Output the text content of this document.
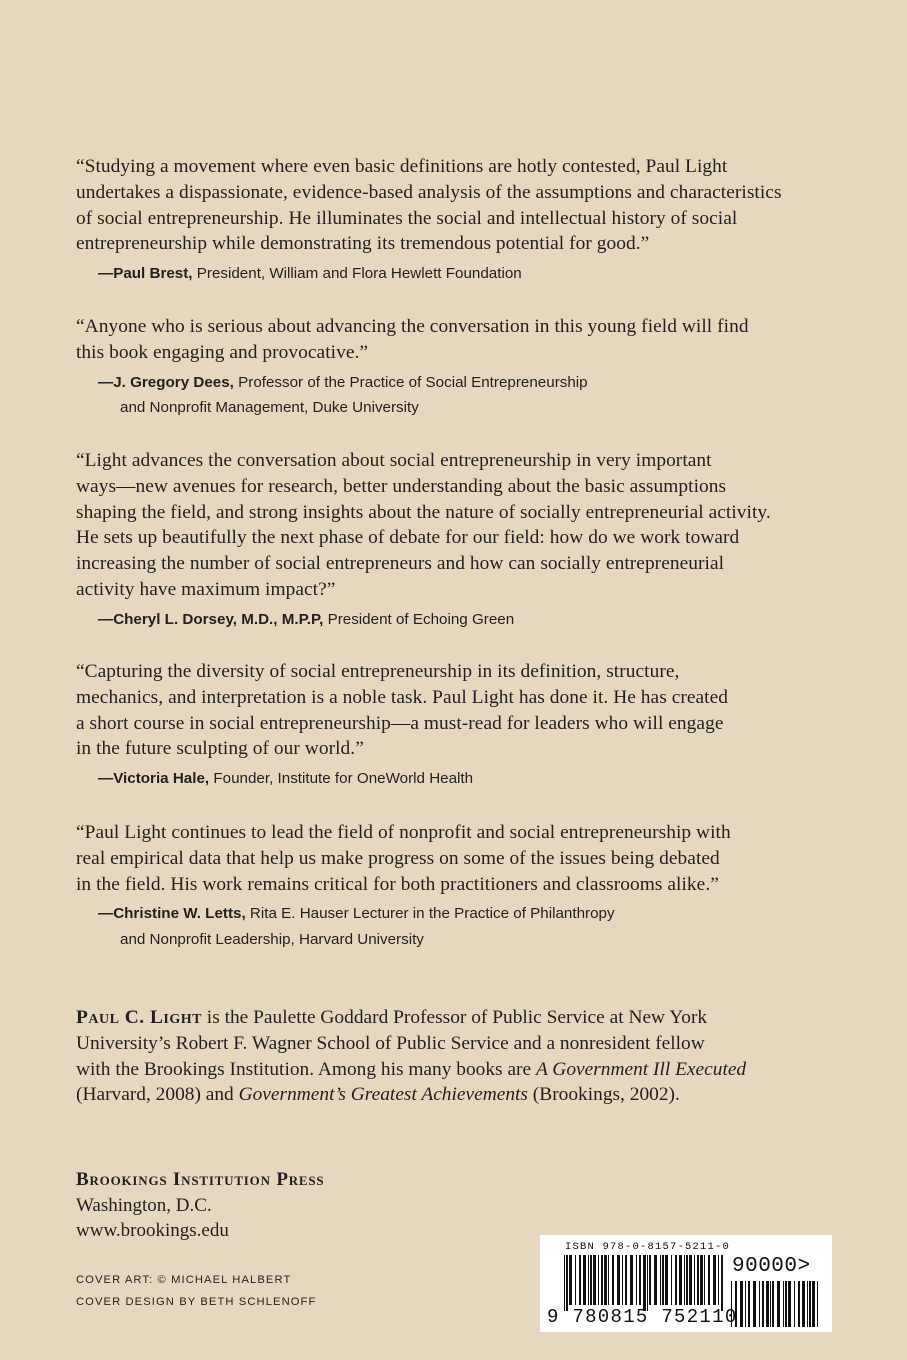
“Studying a movement where even basic definitions are hotly contested, Paul Light
undertakes a dispassionate, evidence-based analysis of the assumptions and characteristics
of social entrepreneurship. He illuminates the social and intellectual history of social
entrepreneurship while demonstrating its tremendous potential for good.”

—Paul Brest, President, William and Flora Hewlett Foundation

“Anyone who is serious about advancing the conversation in this young field will find
this book engaging and provocative.”

—J. Gregory Dees, Professor of the Practice of Social Entrepreneurship
and Nonprofit Management, Duke University

“Light advances the conversation about social entrepreneurship in very important
ways—new avenues for research, better understanding about the basic assumptions
shaping the field, and strong insights about the nature of socially entrepreneurial activity.
He sets up beautifully the next phase of debate for our field: how do we work toward
increasing the number of social entrepreneurs and how can socially entrepreneurial
activity have maximum impact?”

—Cheryl L. Dorsey, M.D., M.P.P, President of Echoing Green

“Capturing the diversity of social entrepreneurship in its definition, structure,
mechanics, and interpretation is a noble task. Paul Light has done it. He has created
a short course in social entrepreneurship—a must-read for leaders who will engage
in the future sculpting of our world.”

—Victoria Hale, Founder, Institute for OneWorld Health

“Paul Light continues to lead the field of nonprofit and social entrepreneurship with
real empirical data that help us make progress on some of the issues being debated
in the field. His work remains critical for both practitioners and classrooms alike.”

—Christine W. Letts, Rita E. Hauser Lecturer in the Practice of Philanthropy
and Nonprofit Leadership, Harvard University

Paul C. Light is the Paulette Goddard Professor of Public Service at New York
University’s Robert F. Wagner School of Public Service and a nonresident fellow
with the Brookings Institution. Among his many books are A Government Ill Executed
(Harvard, 2008) and Government’s Greatest Achievements (Brookings, 2002).

Brookings Institution Press
Washington, D.C.
www.brookings.edu
COVER ART: © MICHAEL HALBERT
COVER DESIGN BY BETH SCHLENOFF
ISBN 978-0-8157-5211-0
90000>
9 780815 752110
